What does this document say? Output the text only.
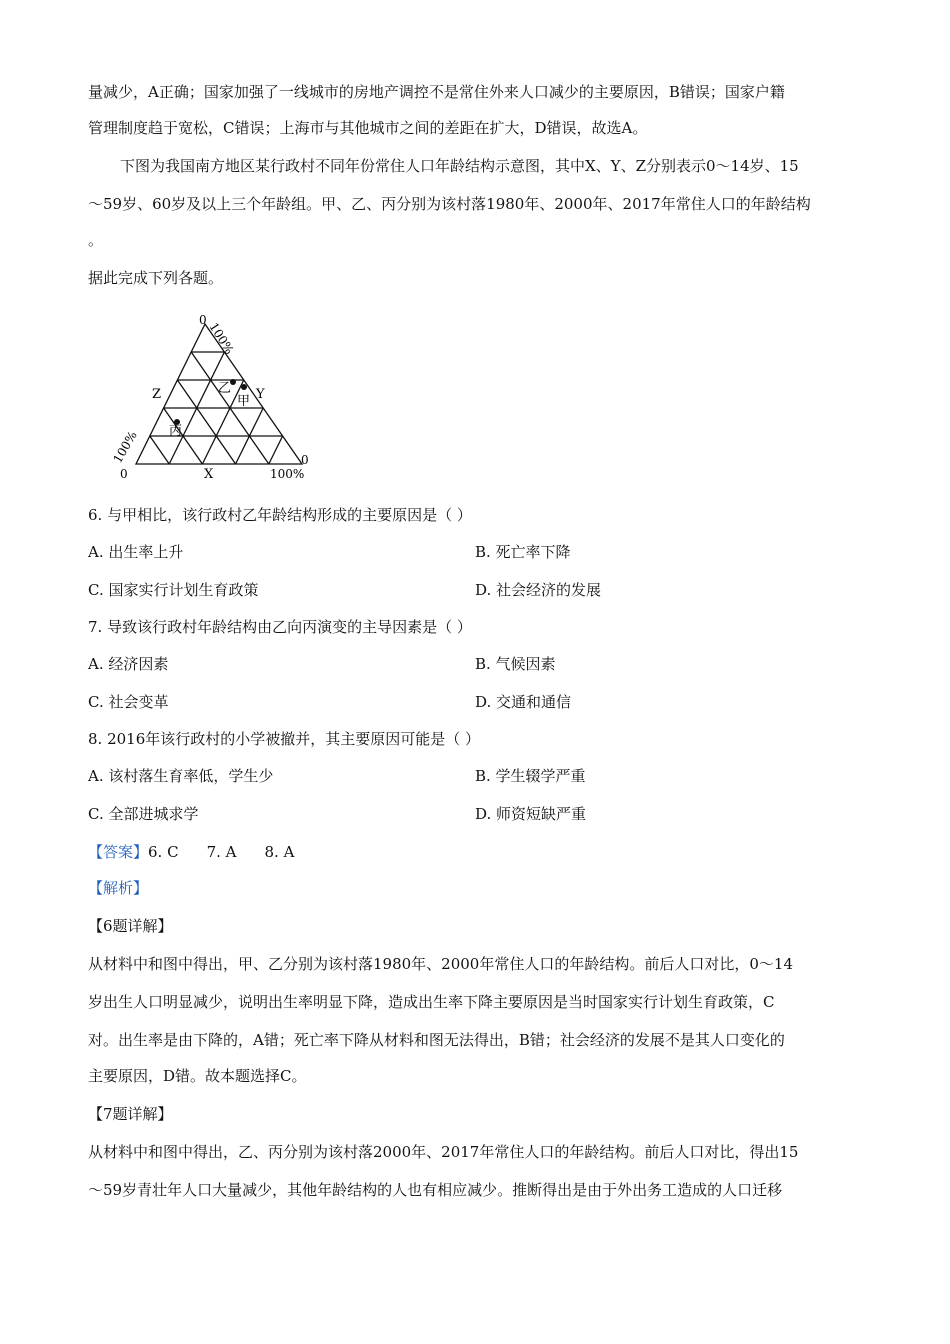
量减少，A正确；国家加强了一线城市的房地产调控不是常住外来人口减少的主要原因，B错误；国家户籍
管理制度趋于宽松，C错误；上海市与其他城市之间的差距在扩大，D错误，故选A。
下图为我国南方地区某行政村不同年份常住人口年龄结构示意图，其中X、Y、Z分别表示0～14岁、15
～59岁、60岁及以上三个年龄组。甲、乙、丙分别为该村落1980年、2000年、2017年常住人口的年龄结构
。
据此完成下列各题。
0
100%
Z	Y
X
100%
0	100%
0
乙
甲
丙
6. 与甲相比，该行政村乙年龄结构形成的主要原因是（ ）
A. 出生率上升	B. 死亡率下降
C. 国家实行计划生育政策	D. 社会经济的发展
7. 导致该行政村年龄结构由乙向丙演变的主导因素是（ ）
A. 经济因素	B. 气候因素
C. 社会变革	D. 交通和通信
8. 2016年该行政村的小学被撤并，其主要原因可能是（ ）
A. 该村落生育率低，学生少	B. 学生辍学严重
C. 全部进城求学	D. 师资短缺严重
【答案】6. C 7. A 8. A
【解析】
【6题详解】
从材料中和图中得出，甲、乙分别为该村落1980年、2000年常住人口的年龄结构。前后人口对比，0～14
岁出生人口明显减少，说明出生率明显下降，造成出生率下降主要原因是当时国家实行计划生育政策，C
对。出生率是由下降的，A错；死亡率下降从材料和图无法得出，B错；社会经济的发展不是其人口变化的
主要原因，D错。故本题选择C。
【7题详解】
从材料中和图中得出，乙、丙分别为该村落2000年、2017年常住人口的年龄结构。前后人口对比，得出15
～59岁青壮年人口大量减少，其他年龄结构的人也有相应减少。推断得出是由于外出务工造成的人口迁移
